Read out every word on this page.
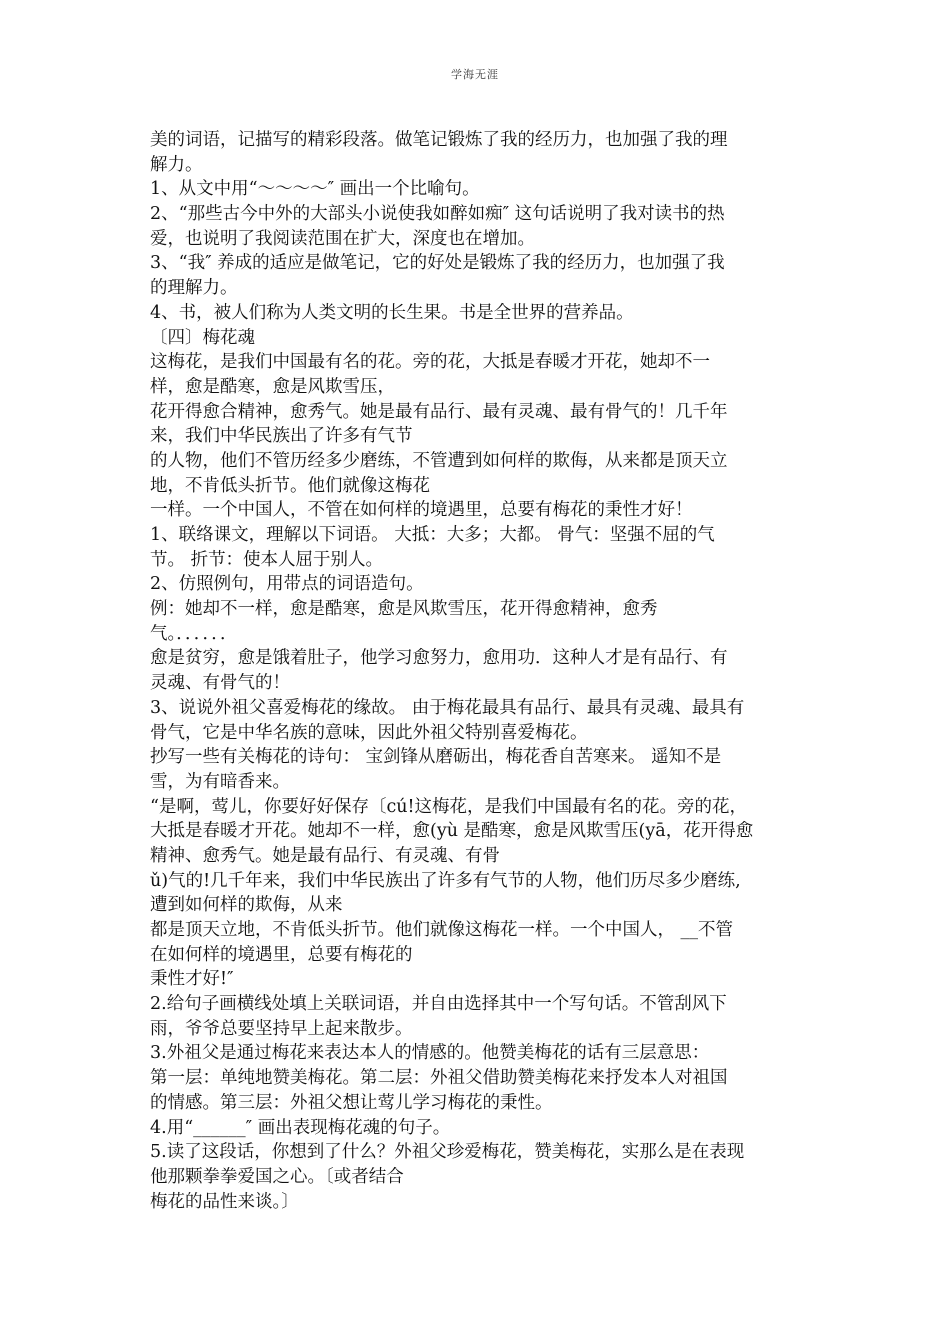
学海无涯
美的词语，记描写的精彩段落。做笔记锻炼了我的经历力，也加强了我的理
解力。
1、从文中用“～～～～″ 画出一个比喻句。
2、“那些古今中外的大部头小说使我如醉如痴″ 这句话说明了我对读书的热
爱，也说明了我阅读范围在扩大，深度也在增加。
3、“我″ 养成的适应是做笔记，它的好处是锻炼了我的经历力，也加强了我
的理解力。
4、书，被人们称为人类文明的长生果。书是全世界的营养品。
〔四〕梅花魂
这梅花，是我们中国最有名的花。旁的花，大抵是春暖才开花，她却不一
样，愈是酷寒，愈是风欺雪压，
花开得愈合精神，愈秀气。她是最有品行、最有灵魂、最有骨气的！几千年
来，我们中华民族出了许多有气节
的人物，他们不管历经多少磨练，不管遭到如何样的欺侮，从来都是顶天立
地，不肯低头折节。他们就像这梅花
一样。一个中国人，不管在如何样的境遇里，总要有梅花的秉性才好！
1、联络课文，理解以下词语。 大抵：大多；大都。 骨气：坚强不屈的气
节。 折节：使本人屈于别人。
2、仿照例句，用带点的词语造句。
例：她却不一样，愈是酷寒，愈是风欺雪压，花开得愈精神，愈秀
气。．．．．．．
愈是贫穷，愈是饿着肚子，他学习愈努力，愈用功．这种人才是有品行、有
灵魂、有骨气的！
3、说说外祖父喜爱梅花的缘故。 由于梅花最具有品行、最具有灵魂、最具有
骨气，它是中华名族的意味，因此外祖父特别喜爱梅花。
抄写一些有关梅花的诗句： 宝剑锋从磨砺出，梅花香自苦寒来。 遥知不是
雪，为有暗香来。
“是啊，莺儿，你要好好保存〔cú!这梅花，是我们中国最有名的花。旁的花，
大抵是春暖才开花。她却不一样，愈(yù 是酷寒，愈是风欺雪压(yā，花开得愈
精神、愈秀气。她是最有品行、有灵魂、有骨
ǔ)气的!几千年来，我们中华民族出了许多有气节的人物，他们历尽多少磨练,
遭到如何样的欺侮，从来
都是顶天立地，不肯低头折节。他们就像这梅花一样。一个中国人， __不管
在如何样的境遇里，总要有梅花的
秉性才好!″
2.给句子画横线处填上关联词语，并自由选择其中一个写句话。不管刮风下
雨，爷爷总要坚持早上起来散步。
3.外祖父是通过梅花来表达本人的情感的。他赞美梅花的话有三层意思：
第一层：单纯地赞美梅花。第二层：外祖父借助赞美梅花来抒发本人对祖国
的情感。第三层：外祖父想让莺儿学习梅花的秉性。
4.用“______″ 画出表现梅花魂的句子。
5.读了这段话，你想到了什么？外祖父珍爱梅花，赞美梅花，实那么是在表现
他那颗拳拳爱国之心。〔或者结合
梅花的品性来谈。〕
